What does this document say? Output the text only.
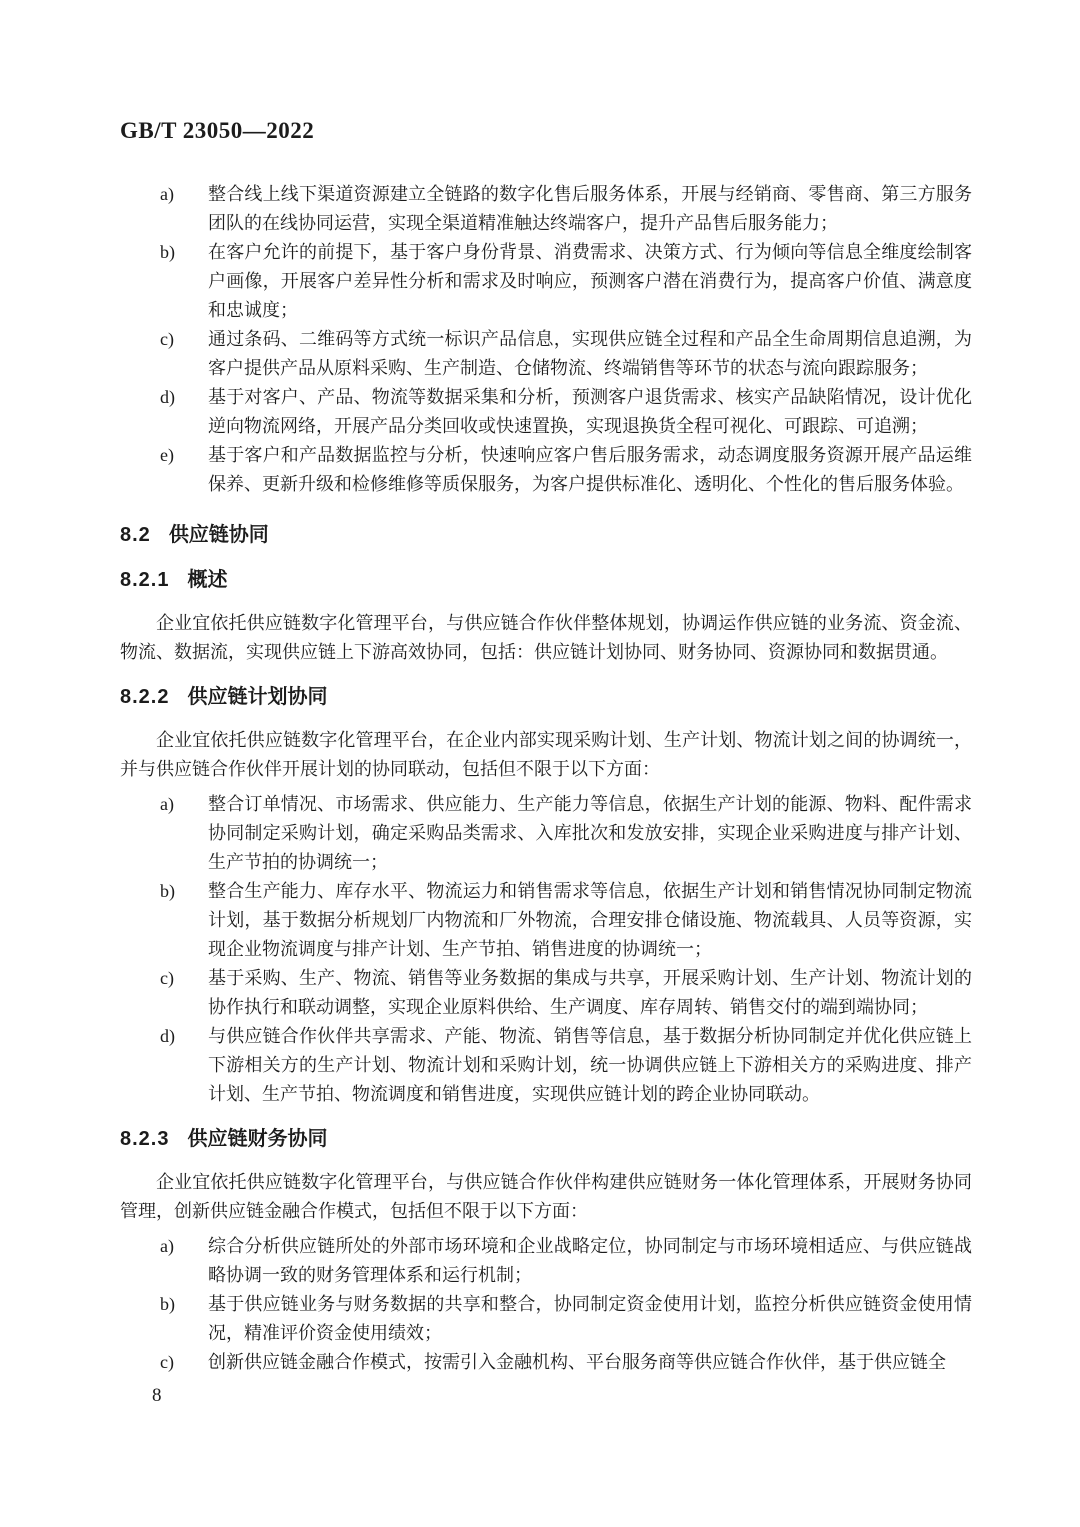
GB/T 23050—2022
a) 整合线上线下渠道资源建立全链路的数字化售后服务体系，开展与经销商、零售商、第三方服务团队的在线协同运营，实现全渠道精准触达终端客户，提升产品售后服务能力；
b) 在客户允许的前提下，基于客户身份背景、消费需求、决策方式、行为倾向等信息全维度绘制客户画像，开展客户差异性分析和需求及时响应，预测客户潜在消费行为，提高客户价值、满意度和忠诚度；
c) 通过条码、二维码等方式统一标识产品信息，实现供应链全过程和产品全生命周期信息追溯，为客户提供产品从原料采购、生产制造、仓储物流、终端销售等环节的状态与流向跟踪服务；
d) 基于对客户、产品、物流等数据采集和分析，预测客户退货需求、核实产品缺陷情况，设计优化逆向物流网络，开展产品分类回收或快速置换，实现退换货全程可视化、可跟踪、可追溯；
e) 基于客户和产品数据监控与分析，快速响应客户售后服务需求，动态调度服务资源开展产品运维保养、更新升级和检修维修等质保服务，为客户提供标准化、透明化、个性化的售后服务体验。
8.2 供应链协同
8.2.1 概述

企业宜依托供应链数字化管理平台，与供应链合作伙伴整体规划，协调运作供应链的业务流、资金流、物流、数据流，实现供应链上下游高效协同，包括：供应链计划协同、财务协同、资源协同和数据贯通。

8.2.2 供应链计划协同

企业宜依托供应链数字化管理平台，在企业内部实现采购计划、生产计划、物流计划之间的协调统一，并与供应链合作伙伴开展计划的协同联动，包括但不限于以下方面：

a) 整合订单情况、市场需求、供应能力、生产能力等信息，依据生产计划的能源、物料、配件需求协同制定采购计划，确定采购品类需求、入库批次和发放安排，实现企业采购进度与排产计划、生产节拍的协调统一；
b) 整合生产能力、库存水平、物流运力和销售需求等信息，依据生产计划和销售情况协同制定物流计划，基于数据分析规划厂内物流和厂外物流，合理安排仓储设施、物流载具、人员等资源，实现企业物流调度与排产计划、生产节拍、销售进度的协调统一；
c) 基于采购、生产、物流、销售等业务数据的集成与共享，开展采购计划、生产计划、物流计划的协作执行和联动调整，实现企业原料供给、生产调度、库存周转、销售交付的端到端协同；
d) 与供应链合作伙伴共享需求、产能、物流、销售等信息，基于数据分析协同制定并优化供应链上下游相关方的生产计划、物流计划和采购计划，统一协调供应链上下游相关方的采购进度、排产计划、生产节拍、物流调度和销售进度，实现供应链计划的跨企业协同联动。
8.2.3 供应链财务协同

企业宜依托供应链数字化管理平台，与供应链合作伙伴构建供应链财务一体化管理体系，开展财务协同管理，创新供应链金融合作模式，包括但不限于以下方面：

a) 综合分析供应链所处的外部市场环境和企业战略定位，协同制定与市场环境相适应、与供应链战略协调一致的财务管理体系和运行机制；
b) 基于供应链业务与财务数据的共享和整合，协同制定资金使用计划，监控分析供应链资金使用情况，精准评价资金使用绩效；
c) 创新供应链金融合作模式，按需引入金融机构、平台服务商等供应链合作伙伴，基于供应链全
8
